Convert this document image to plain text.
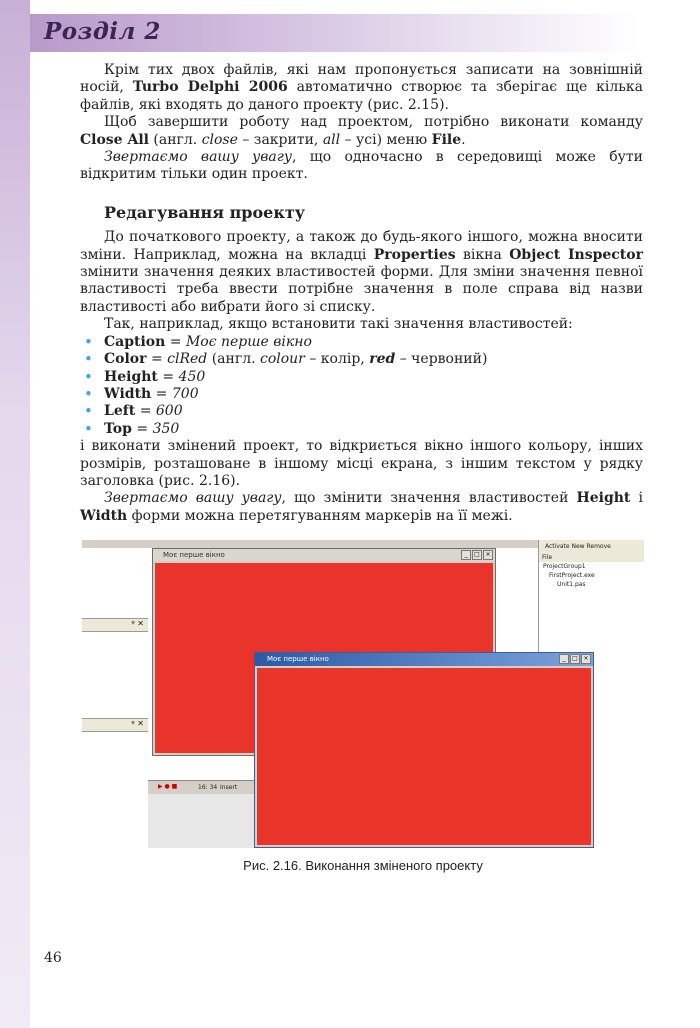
Розділ 2

Крім тих двох файлів, які нам пропонується записати на зовнішній носій, Turbo Delphi 2006 автоматично створює та зберігає ще кілька файлів, які входять до даного проекту (рис. 2.15).

Щоб завершити роботу над проектом, потрібно виконати команду Close All (англ. close – закрити, all – усі) меню File.

Звертаємо вашу увагу, що одночасно в середовищі може бути відкритим тільки один проект.

Редагування проекту

До початкового проекту, а також до будь-якого іншого, можна вносити зміни. Наприклад, можна на вкладці Properties вікна Object Inspector змінити значення деяких властивостей форми. Для зміни значення певної властивості треба ввести потрібне значення в поле справа від назви властивості або вибрати його зі списку.

Так, наприклад, якщо встановити такі значення властивостей:

• Caption = Моє перше вікно
• Color = clRed (англ. colour – колір, red – червоний)
• Height = 450
• Width = 700
• Left = 600
• Top = 350

і виконати змінений проект, то відкриється вікно іншого кольору, інших розмірів, розташоване в іншому місці екрана, з іншим текстом у рядку заголовка (рис. 2.16).

Звертаємо вашу увагу, що змінити значення властивостей Height і Width форми можна перетягуванням маркерів на її межі.

ᵠ ✕
ᵠ ✕
Моє перше вікно	_	□ ×
▶ ● ■	16: 34 Insert
Activate New Remove
File
ProjectGroup1
FirstProject.exe
Unit1.pas
Моє перше вікно	_	□ ×
Рис. 2.16. Виконання зміненого проекту
46
